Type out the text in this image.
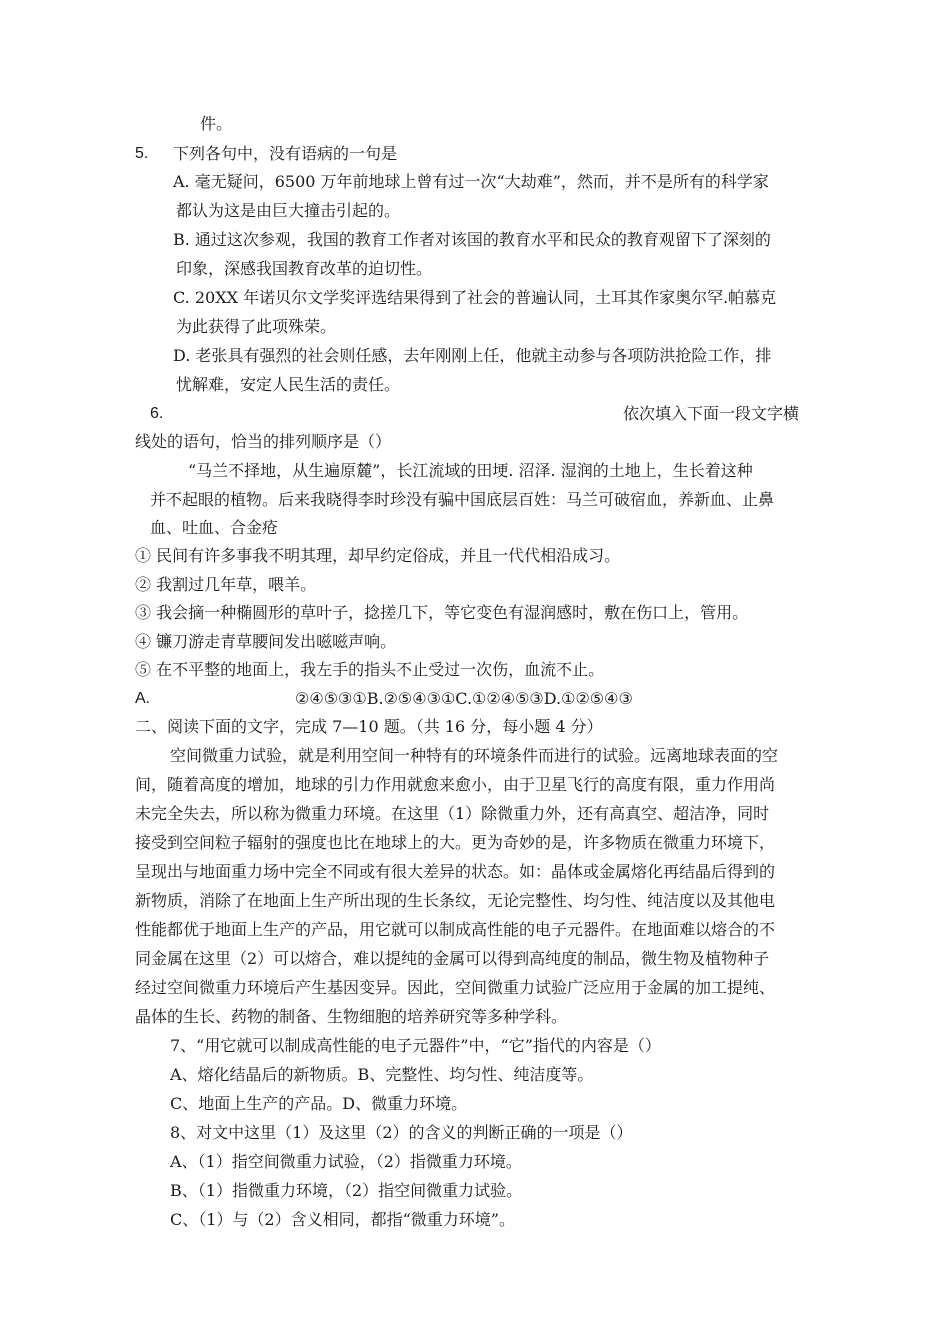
件。
5. 下列各句中，没有语病的一句是
A. 毫无疑问，6500 万年前地球上曾有过一次“大劫难”，然而，并不是所有的科学家
都认为这是由巨大撞击引起的。
B. 通过这次参观，我国的教育工作者对该国的教育水平和民众的教育观留下了深刻的
印象，深感我国教育改革的迫切性。
C. 20XX 年诺贝尔文学奖评选结果得到了社会的普遍认同，土耳其作家奥尔罕.帕慕克
为此获得了此项殊荣。
D. 老张具有强烈的社会则任感，去年刚刚上任，他就主动参与各项防洪抢险工作，排
忧解难，安定人民生活的责任。
6.	依次填入下面一段文字横
线处的语句，恰当的排列顺序是（）
“马兰不择地，从生遍原麓”，长江流域的田埂. 沼泽. 湿润的土地上，生长着这种
并不起眼的植物。后来我晓得李时珍没有骗中国底层百姓：马兰可破宿血，养新血、止鼻
血、吐血、合金疮
① 民间有许多事我不明其理，却早约定俗成，并且一代代相沿成习。
② 我割过几年草，喂羊。
③ 我会摘一种椭圆形的草叶子，捻搓几下，等它变色有湿润感时，敷在伤口上，管用。
④ 镰刀游走青草腰间发出嗞嗞声响。
⑤ 在不平整的地面上，我左手的指头不止受过一次伤，血流不止。
A.	②④⑤③①B.②⑤④③①C.①②④⑤③D.①②⑤④③
二、阅读下面的文字，完成 7—10 题。（共 16 分，每小题 4 分）
空间微重力试验，就是利用空间一种特有的环境条件而进行的试验。远离地球表面的空
间，随着高度的增加，地球的引力作用就愈来愈小，由于卫星飞行的高度有限，重力作用尚
未完全失去，所以称为微重力环境。在这里（1）除微重力外，还有高真空、超洁净，同时
接受到空间粒子辐射的强度也比在地球上的大。更为奇妙的是，许多物质在微重力环境下，
呈现出与地面重力场中完全不同或有很大差异的状态。如：晶体或金属熔化再结晶后得到的
新物质，消除了在地面上生产所出现的生长条纹，无论完整性、均匀性、纯洁度以及其他电
性能都优于地面上生产的产品，用它就可以制成高性能的电子元器件。在地面难以熔合的不
同金属在这里（2）可以熔合，难以提纯的金属可以得到高纯度的制品，微生物及植物种子
经过空间微重力环境后产生基因变异。因此，空间微重力试验广泛应用于金属的加工提纯、
晶体的生长、药物的制备、生物细胞的培养研究等多种学科。
7、“用它就可以制成高性能的电子元器件”中，“它”指代的内容是（）
A、熔化结晶后的新物质。B、完整性、均匀性、纯洁度等。
C、地面上生产的产品。D、微重力环境。
8、对文中这里（1）及这里（2）的含义的判断正确的一项是（）
A、（1）指空间微重力试验，（2）指微重力环境。
B、（1）指微重力环境，（2）指空间微重力试验。
C、（1）与（2）含义相同，都指“微重力环境”。
